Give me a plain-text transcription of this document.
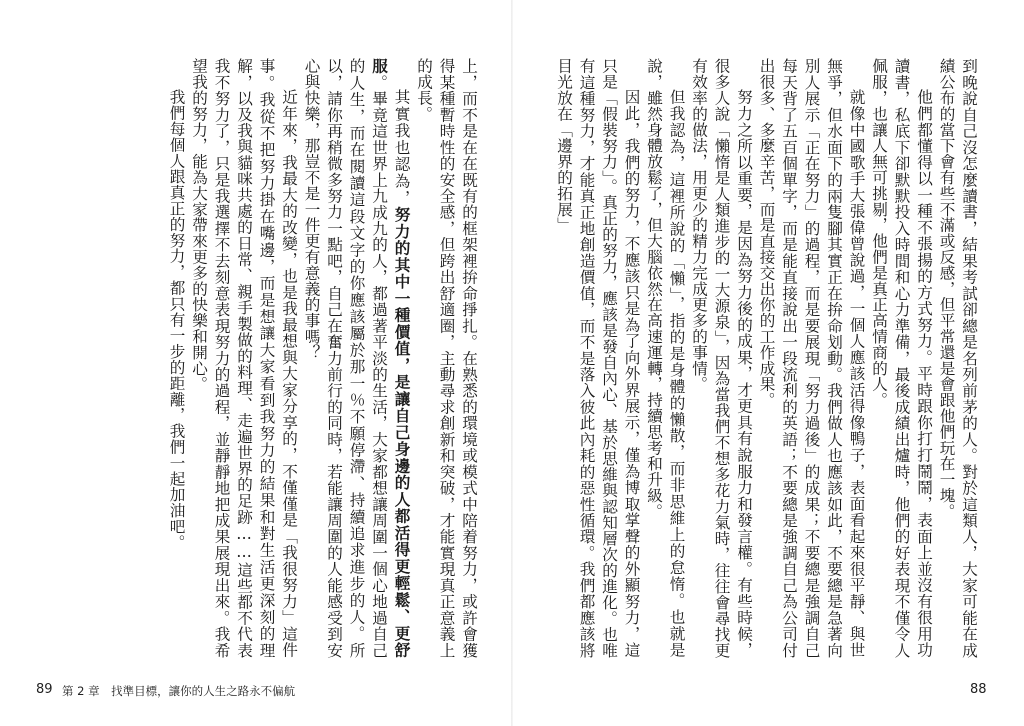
到晚說自己沒怎麼讀書，結果考試卻總是名列前茅的人。對於這類人，大家可能在成績公布的當下會有些不滿或反感，但平常還是會跟他們玩在一塊。

他們都懂得以一種不張揚的方式努力。平時跟你打打鬧鬧，表面上並沒有很用功讀書，私底下卻默默投入時間和心力準備，最後成績出爐時，他們的好表現不僅令人佩服，也讓人無可挑剔，他們是真正高情商的人。

就像中國歌手大張偉曾說過，一個人應該活得像鴨子，表面看起來很平靜、與世無爭，但水面下的兩隻腳其實正在拚命划動。我們做人也應該如此，不要總是急著向別人展示「正在努力」的過程，而是要展現「努力過後」的成果；不要總是強調自己每天背了五百個單字，而是能直接說出一段流利的英語；不要總是強調自己為公司付出很多、多麼辛苦，而是直接交出你的工作成果。

努力之所以重要，是因為努力後的成果，才更具有說服力和發言權。有些時候，很多人說「懶惰是人類進步的一大源泉」，因為當我們不想多花力氣時，往往會尋找更有效率的做法，用更少的精力完成更多的事情。

但我認為，這裡所說的「懶」，指的是身體的懶散，而非思維上的怠惰。也就是說，雖然身體放鬆了，但大腦依然在高速運轉，持續思考和升級。

因此，我們的努力，不應該只是為了向外界展示，僅為博取掌聲的外顯努力，這只是「假裝努力」。真正的努力，應該是發自內心、基於思維與認知層次的進化。也唯有這種努力，才能真正地創造價值，而不是落入彼此內耗的惡性循環。我們都應該將目光放在「邊界的拓展」

上，而不是在在既有的框架裡拚命掙扎。在熟悉的環境或模式中陪着努力，或許會獲得某種暫時性的安全感，但跨出舒適圈，主動尋求創新和突破，才能實現真正意義上的成長。

其實我也認為，努力的其中一種價值，是讓自己身邊的人都活得更輕鬆、更舒服。畢竟這世界上九成九的人，都過著平淡的生活，大家都想讓周圍一個心地過自己的人生，而在閱讀這段文字的你應該屬於那一％不願停滯、持續追求進步的人。所以，請你再稍微多努力一點吧，自己在奮力前行的同時，若能讓周圍的人能感受到安心與快樂，那豈不是一件更有意義的事嗎？

近年來，我最大的改變，也是我最想與大家分享的，不僅僅是「我很努力」這件事。我從不把努力掛在嘴邊，而是想讓大家看到我努力的結果和對生活更深刻的理解，以及我與貓咪共處的日常、親手製做的料理、走遍世界的足跡……這些都不代表我不努力了，只是我選擇不去刻意表現努力的過程，並靜靜地把成果展現出來。我希望我的努力，能為大家帶來更多的快樂和開心。

我們每個人跟真正的努力，都只有一步的距離，我們一起加油吧。

89 第 2 章　找準目標，讓你的人生之路永不偏航	88
